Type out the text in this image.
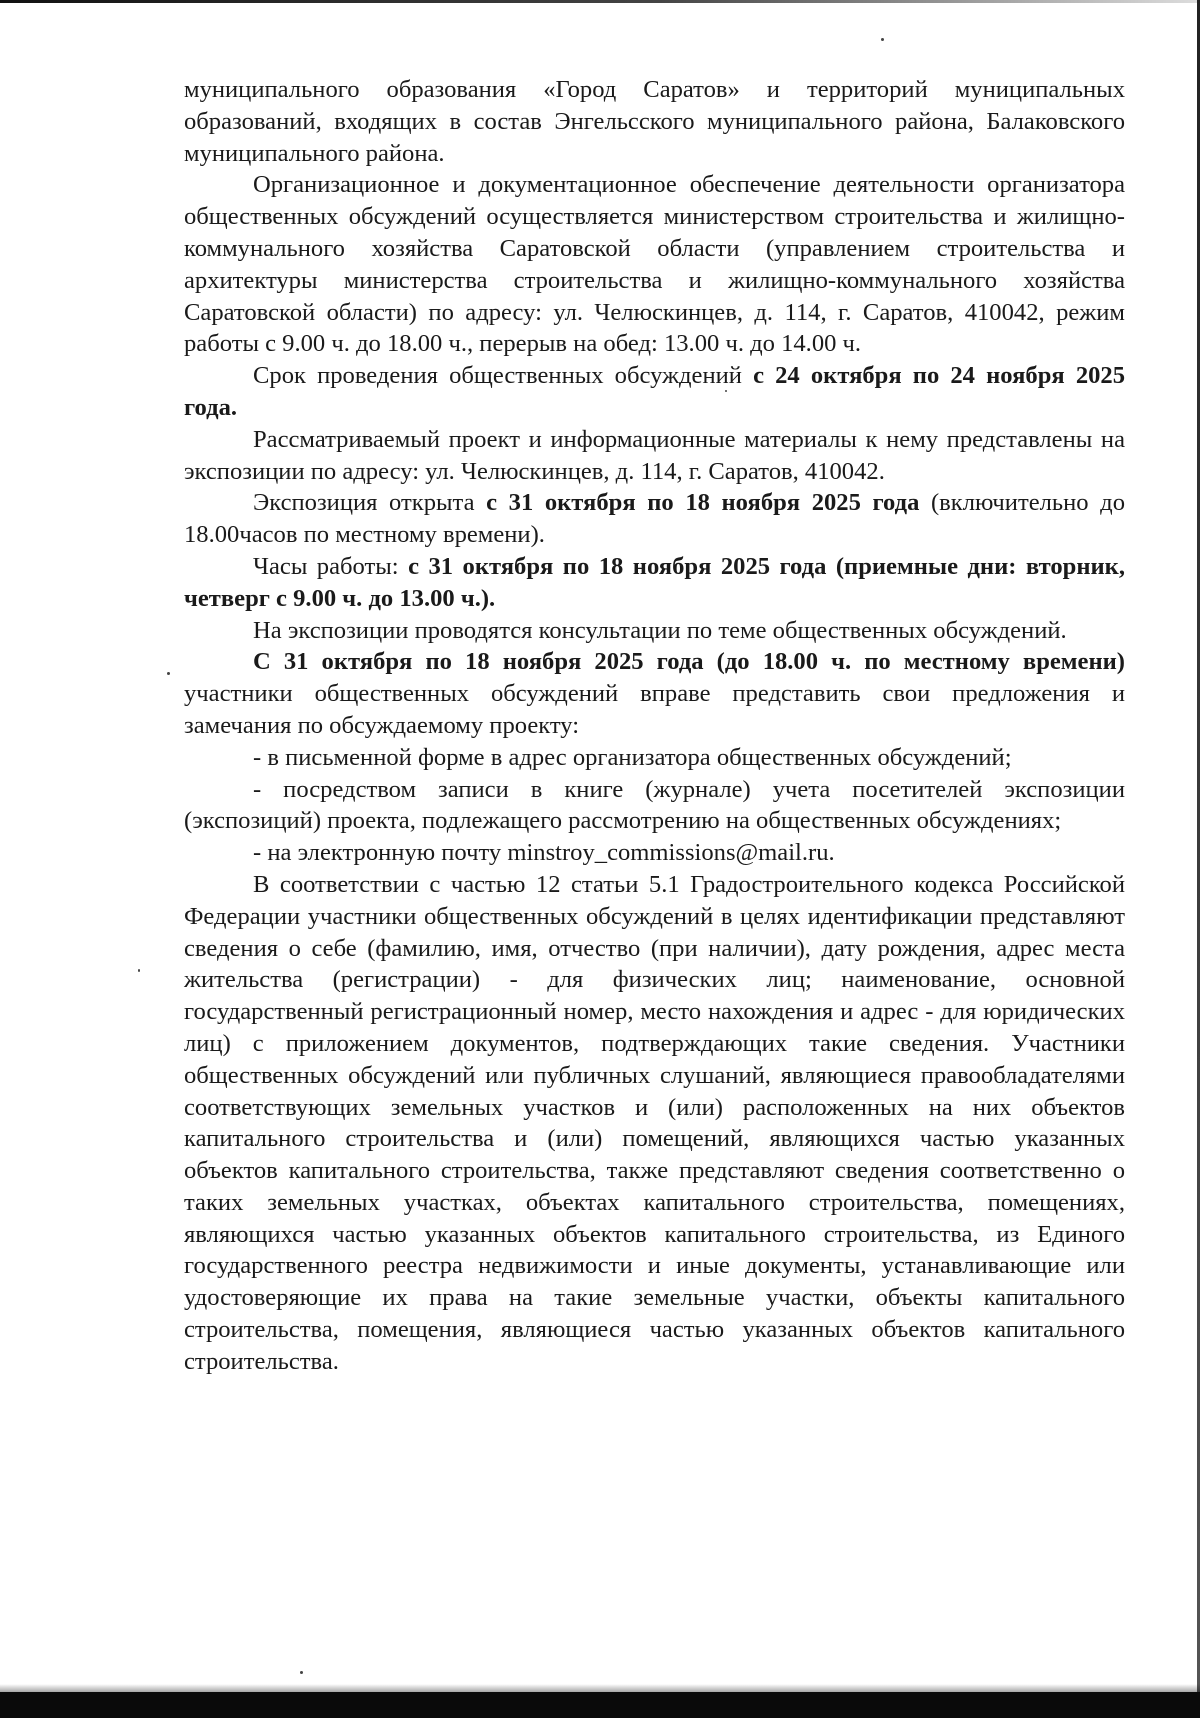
муниципального образования «Город Саратов» и территорий муниципальных образований, входящих в состав Энгельсского муниципального района, Балаковского муниципального района.

Организационное и документационное обеспечение деятельности организатора общественных обсуждений осуществляется министерством строительства и жилищно-коммунального хозяйства Саратовской области (управлением строительства и архитектуры министерства строительства и жилищно-коммунального хозяйства Саратовской области) по адресу: ул. Челюскинцев, д. 114, г. Саратов, 410042, режим работы с 9.00 ч. до 18.00 ч., перерыв на обед: 13.00 ч. до 14.00 ч.

Срок проведения общественных обсуждений с 24 октября по 24 ноября 2025 года.

Рассматриваемый проект и информационные материалы к нему представлены на экспозиции по адресу: ул. Челюскинцев, д. 114, г. Саратов, 410042.

Экспозиция открыта с 31 октября по 18 ноября 2025 года (включительно до 18.00часов по местному времени).

Часы работы: с 31 октября по 18 ноября 2025 года (приемные дни: вторник, четверг с 9.00 ч. до 13.00 ч.).

На экспозиции проводятся консультации по теме общественных обсуждений.

С 31 октября по 18 ноября 2025 года (до 18.00 ч. по местному времени) участники общественных обсуждений вправе представить свои предложения и замечания по обсуждаемому проекту:

- в письменной форме в адрес организатора общественных обсуждений;

- посредством записи в книге (журнале) учета посетителей экспозиции (экспозиций) проекта, подлежащего рассмотрению на общественных обсуждениях;

- на электронную почту minstroy_commissions@mail.ru.

В соответствии с частью 12 статьи 5.1 Градостроительного кодекса Российской Федерации участники общественных обсуждений в целях идентификации представляют сведения о себе (фамилию, имя, отчество (при наличии), дату рождения, адрес места жительства (регистрации) - для физических лиц; наименование, основной государственный регистрационный номер, место нахождения и адрес - для юридических лиц) с приложением документов, подтверждающих такие сведения. Участники общественных обсуждений или публичных слушаний, являющиеся правообладателями соответствующих земельных участков и (или) расположенных на них объектов капитального строительства и (или) помещений, являющихся частью указанных объектов капитального строительства, также представляют сведения соответственно о таких земельных участках, объектах капитального строительства, помещениях, являющихся частью указанных объектов капитального строительства, из Единого государственного реестра недвижимости и иные документы, устанавливающие или удостоверяющие их права на такие земельные участки, объекты капитального строительства, помещения, являющиеся частью указанных объектов капитального строительства.
